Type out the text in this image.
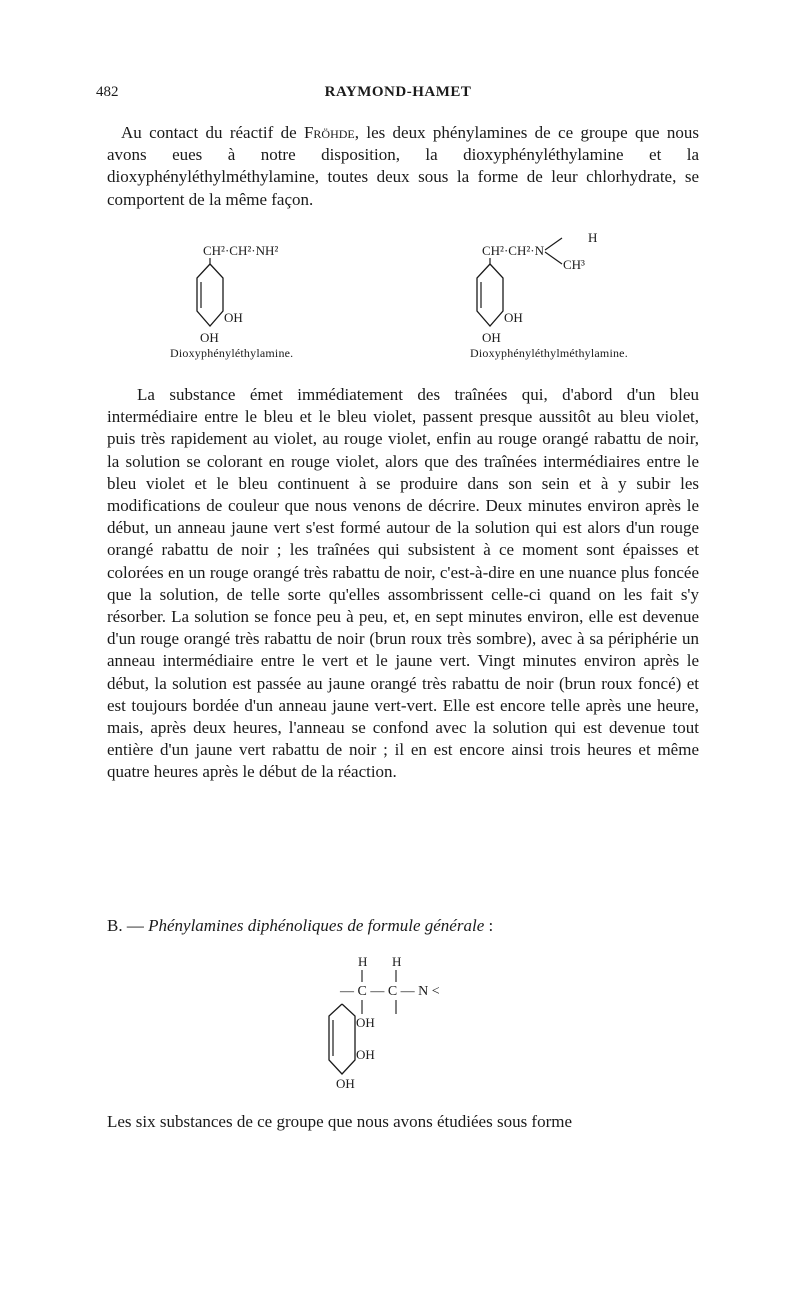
482	RAYMOND-HAMET

Au contact du réactif de Fröhde, les deux phénylamines de ce groupe que nous avons eues à notre disposition, la dioxyphényléthylamine et la dioxyphényléthylméthylamine, toutes deux sous la forme de leur chlorhydrate, se comportent de la même façon.

CH²·CH²·NH²
OH
OH
Dioxyphényléthylamine.
CH²·CH²·N
H
CH³
OH
OH
Dioxyphényléthylméthylamine.

La substance émet immédiatement des traînées qui, d'abord d'un bleu intermédiaire entre le bleu et le bleu violet, passent presque aussitôt au bleu violet, puis très rapidement au violet, au rouge violet, enfin au rouge orangé rabattu de noir, la solution se colorant en rouge violet, alors que des traînées intermédiaires entre le bleu violet et le bleu continuent à se produire dans son sein et à y subir les modifications de couleur que nous venons de décrire. Deux minutes environ après le début, un anneau jaune vert s'est formé autour de la solution qui est alors d'un rouge orangé rabattu de noir ; les traînées qui subsistent à ce moment sont épaisses et colorées en un rouge orangé très rabattu de noir, c'est-à-dire en une nuance plus foncée que la solution, de telle sorte qu'elles assombrissent celle-ci quand on les fait s'y résorber. La solution se fonce peu à peu, et, en sept minutes environ, elle est devenue d'un rouge orangé très rabattu de noir (brun roux très sombre), avec à sa périphérie un anneau intermédiaire entre le vert et le jaune vert. Vingt minutes environ après le début, la solution est passée au jaune orangé très rabattu de noir (brun roux foncé) et est toujours bordée d'un anneau jaune vert-vert. Elle est encore telle après une heure, mais, après deux heures, l'anneau se confond avec la solution qui est devenue tout entière d'un jaune vert rabattu de noir ; il en est encore ainsi trois heures et même quatre heures après le début de la réaction.

B. — Phénylamines diphénoliques de formule générale :

H H
— C — C — N <
OH
OH
OH

Les six substances de ce groupe que nous avons étudiées sous forme
